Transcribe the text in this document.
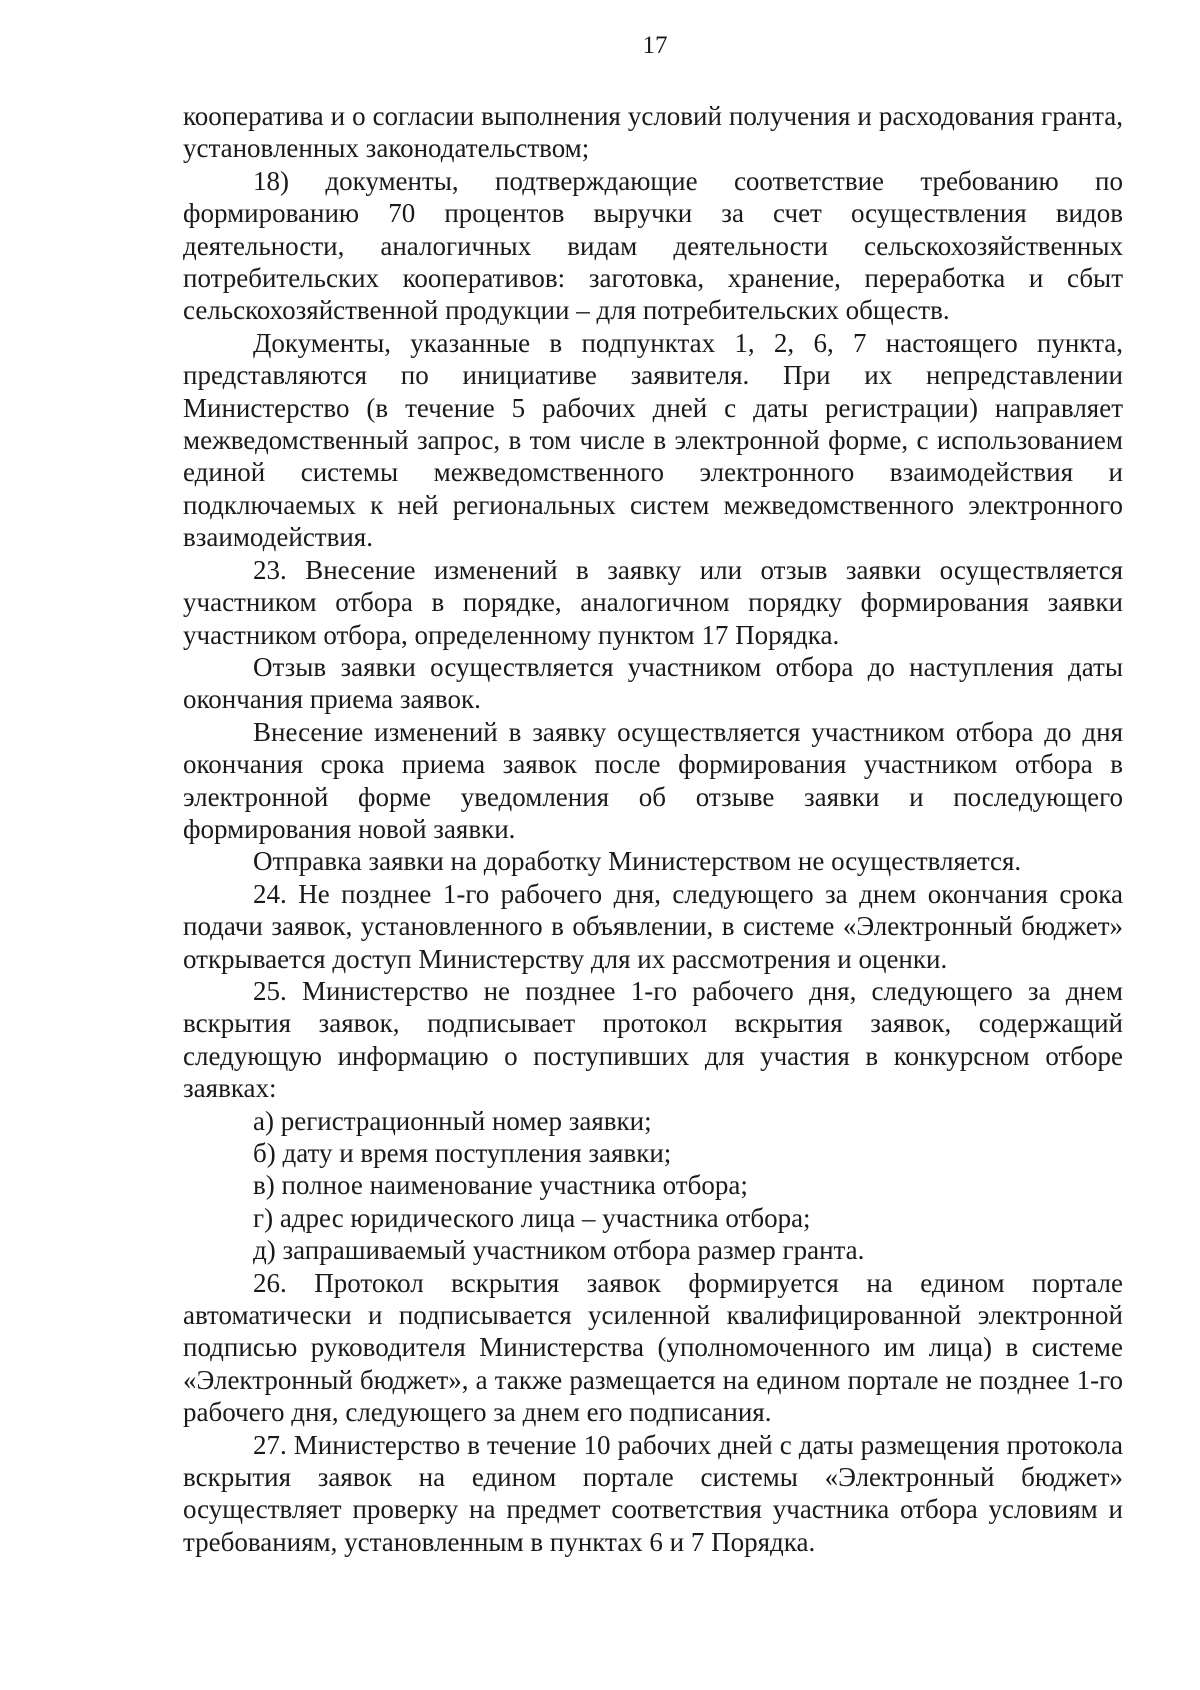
17

кооператива и о согласии выполнения условий получения и расходования гранта, установленных законодательством;

18) документы, подтверждающие соответствие требованию по формированию 70 процентов выручки за счет осуществления видов деятельности, аналогичных видам деятельности сельскохозяйственных потребительских кооперативов: заготовка, хранение, переработка и сбыт сельскохозяйственной продукции – для потребительских обществ.

Документы, указанные в подпунктах 1, 2, 6, 7 настоящего пункта, представляются по инициативе заявителя. При их непредставлении Министерство (в течение 5 рабочих дней с даты регистрации) направляет межведомственный запрос, в том числе в электронной форме, с использованием единой системы межведомственного электронного взаимодействия и подключаемых к ней региональных систем межведомственного электронного взаимодействия.

23. Внесение изменений в заявку или отзыв заявки осуществляется участником отбора в порядке, аналогичном порядку формирования заявки участником отбора, определенному пунктом 17 Порядка.

Отзыв заявки осуществляется участником отбора до наступления даты окончания приема заявок.

Внесение изменений в заявку осуществляется участником отбора до дня окончания срока приема заявок после формирования участником отбора в электронной форме уведомления об отзыве заявки и последующего формирования новой заявки.

Отправка заявки на доработку Министерством не осуществляется.

24. Не позднее 1-го рабочего дня, следующего за днем окончания срока подачи заявок, установленного в объявлении, в системе «Электронный бюджет» открывается доступ Министерству для их рассмотрения и оценки.

25. Министерство не позднее 1-го рабочего дня, следующего за днем вскрытия заявок, подписывает протокол вскрытия заявок, содержащий следующую информацию о поступивших для участия в конкурсном отборе заявках:

а) регистрационный номер заявки;

б) дату и время поступления заявки;

в) полное наименование участника отбора;

г) адрес юридического лица – участника отбора;

д) запрашиваемый участником отбора размер гранта.

26. Протокол вскрытия заявок формируется на едином портале автоматически и подписывается усиленной квалифицированной электронной подписью руководителя Министерства (уполномоченного им лица) в системе «Электронный бюджет», а также размещается на едином портале не позднее 1-го рабочего дня, следующего за днем его подписания.

27. Министерство в течение 10 рабочих дней с даты размещения протокола вскрытия заявок на едином портале системы «Электронный бюджет» осуществляет проверку на предмет соответствия участника отбора условиям и требованиям, установленным в пунктах 6 и 7 Порядка.
